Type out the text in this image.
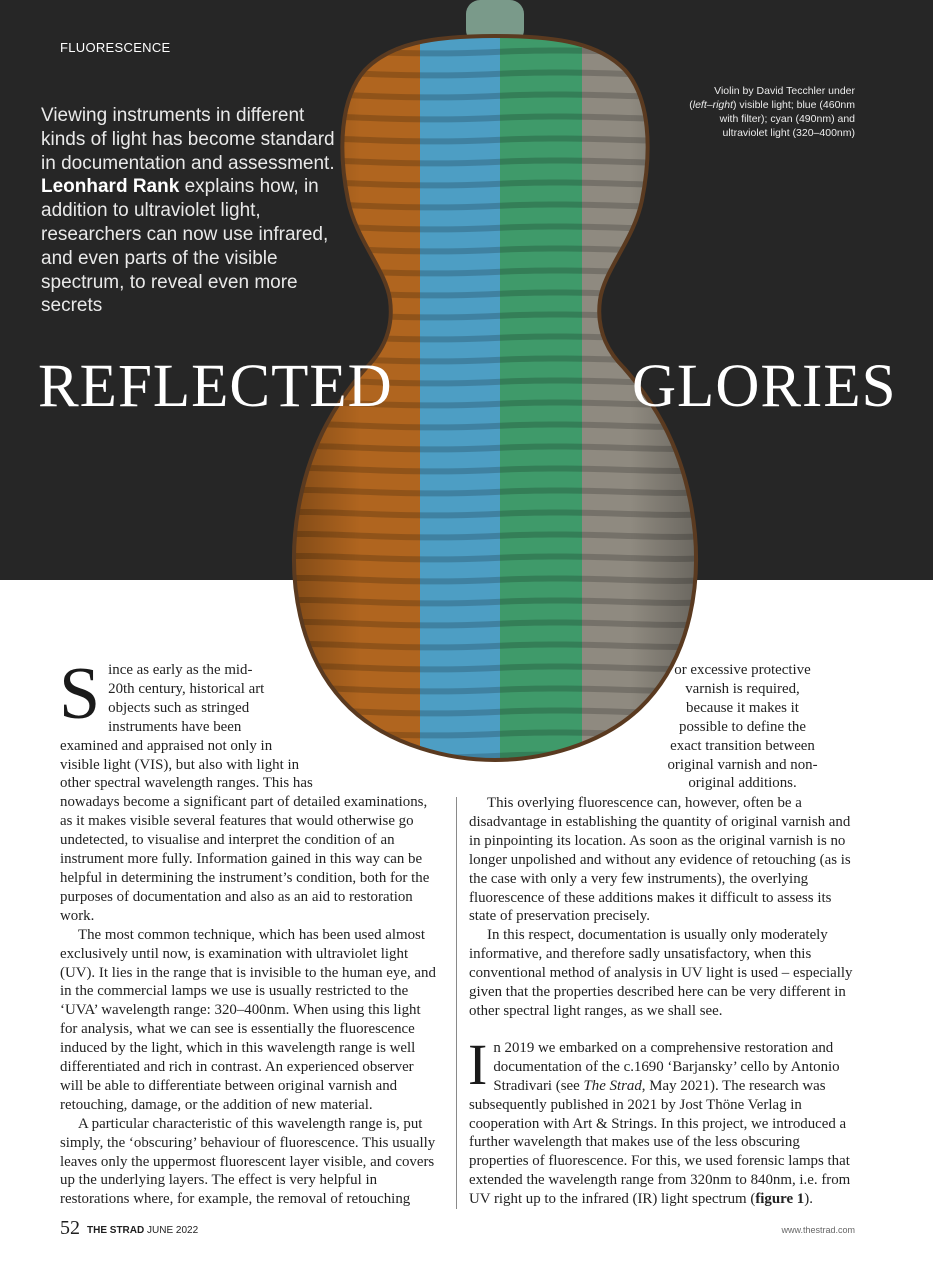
FLUORESCENCE

Viewing instruments in different kinds of light has become standard in documentation and assessment. Leonhard Rank explains how, in addition to ultraviolet light, researchers can now use infrared, and even parts of the visible spectrum, to reveal even more secrets

Violin by David Tecchler under
(left–right) visible light; blue (460nm
with filter); cyan (490nm) and
ultraviolet light (320–400nm)
REFLECTED	GLORIES

S ince as early as the mid-
20th century, historical art
objects such as stringed
instruments have been
examined and appraised not only in
visible light (VIS), but also with light in
other spectral wavelength ranges. This has
nowadays become a significant part of detailed examinations, as it makes visible several features that would otherwise go undetected, to visualise and interpret the condition of an instrument more fully. Information gained in this way can be helpful in determining the instrument’s condition, both for the purposes of documentation and also as an aid to restoration work.

The most common technique, which has been used almost exclusively until now, is examination with ultraviolet light (UV). It lies in the range that is invisible to the human eye, and in the commercial lamps we use is usually restricted to the ‘UVA’ wavelength range: 320–400nm. When using this light for analysis, what we can see is essentially the fluorescence induced by the light, which in this wavelength range is well differentiated and rich in contrast. An experienced observer will be able to differentiate between original varnish and retouching, damage, or the addition of new material.

A particular characteristic of this wavelength range is, put simply, the ‘obscuring’ behaviour of fluorescence. This usually leaves only the uppermost fluorescent layer visible, and covers up the underlying layers. The effect is very helpful in restorations where, for example, the removal of retouching

or excessive protective
varnish is required,
because it makes it
possible to define the
exact transition between
original varnish and non-
original additions.

This overlying fluorescence can, however, often be a disadvantage in establishing the quantity of original varnish and in pinpointing its location. As soon as the original varnish is no longer unpolished and without any evidence of retouching (as is the case with only a very few instruments), the overlying fluorescence of these additions makes it difficult to assess its state of preservation precisely.

In this respect, documentation is usually only moderately informative, and therefore sadly unsatisfactory, when this conventional method of analysis in UV light is used – especially given that the properties described here can be very different in other spectral light ranges, as we shall see.

In 2019 we embarked on a comprehensive restoration and documentation of the c.1690 ‘Barjansky’ cello by Antonio Stradivari (see The Strad, May 2021). The research was subsequently published in 2021 by Jost Thöne Verlag in cooperation with Art & Strings. In this project, we introduced a further wavelength that makes use of the less obscuring properties of fluorescence. For this, we used forensic lamps that extended the wavelength range from 320nm to 840nm, i.e. from UV right up to the infrared (IR) light spectrum (figure 1).

52 THE STRAD JUNE 2022	www.thestrad.com
